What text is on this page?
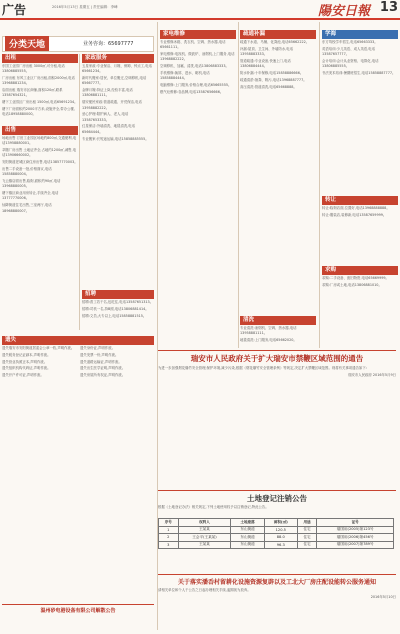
广告	2016年5月13日 星期五 | 责任编辑：李峰	陽安日報 13
分类天地	业务咨询：65697777
出租

东国工业园厂房出租 3000㎡,可分租,电话13806885555。

厂房出租 东风工业区厂房出租,面积2000㎡,电话13968881234。

店面出租 瑞安市区商铺,面积120㎡,联系13587654321。

塘下工业园区厂房出租 1500㎡,电话65691234。

塘下厂房面积约2000平方米,设施齐全,带办公楼,电话18958880000。

出售

场地出售 汀田工业园区场地约800㎡,交通便利,电话13958880001。

莘塍厂房出售 土地证齐全,占地约1200㎡,诚售,电话13906660002。

安阳街道老城区商住房出售,电话13857770003。

出售二手设备一批,价格面议,电话15858880004。

飞云镇店面出售,临街,面积约90㎡,电话13968880005。

塘下镇区商业用房转让,手续齐全,电话13777770006。

仙降街道住宅出售,三室两厅,电话18968880007。

家政服务

五星家政:专业保洁、月嫂、保姆、钟点工,电话65661234。

新时代搬家:居民、单位搬迁,空调移机,电话65667777。

金牌月嫂:持证上岗,经验丰富,电话13806881111。

瑞安便民家政:管道疏通、开荒保洁,电话13958882222。

爱心护理:陪护病人、老人,电话13587653333。

红星保洁:外墙清洗、地毯清洗,电话65664444。

专业搬家:长短途运输,电话15858885555。

招聘

招聘:普工若干名,包吃住,电话13587651313。

招聘:司机一名,持B照,电话13806881414。

招聘:文员,大专以上,电话15858881515。

家电维修

专业维修冰箱、洗衣机、空调、热水器,电话65661111。

家电维修:电视机、微波炉、油烟机,上门服务,电话13968882222。

空调移机、加氟、清洗,电话13806883333。

手机维修:换屏、进水、刷机,电话15858884444。

电脑维修:上门服务,价格合理,电话65665555。

燃气灶维修:各品牌,电话13587656666。

疏通补漏

疏通下水道、马桶、化粪池,电话65662222。

补漏:屋顶、卫生间、外墙防水,电话13958883333。

管道疏通:专业设备,快速上门,电话13806884444。

防水补漏:十年保修,电话15858886666。

疏通清淤:抽粪、吸污,电话13968887777。

高压清洗:管道清洗,电话65668888。

清洗

专业清洗:油烟机、空调、热水器,电话13958881111。

地毯清洗:上门服务,电话65662020。

学海

东方驾校学车招生,电话65663333。

英语培训:少儿英语、成人英语,电话13587657777。

会计培训:会计从业资格、电算化,电话13806885555。

书法美术培训:暑期班招生,电话15858887777。

转让

转让:临街店面,位置好,电话13968888888。

转让:服装店,装修新,电话13587659999。

求购

求购:二手设备、废旧物资,电话65669999。

求购:厂房或土地,电话13806881010。

遗失

遗失瑞安市安阳街道居委会公章一枚,声明作废。

遗失税务登记证副本,声明作废。

遗失营业执照正本,声明作废。

遗失组织机构代码证,声明作废。

遗失开户许可证,声明作废。

遗失身份证,声明作废。

遗失发票一份,声明作废。

遗失道路运输证,声明作废。

遗失出生医学证明,声明作废。

遗失房屋所有权证,声明作废。

温州砂电港设备有限公司解散公告
瑞安市人民政府关于扩大瑞安市禁鞭区域范围的通告

为进一步加强烟花爆竹安全管理,保护环境,减少污染,根据《烟花爆竹安全管理条例》等规定,决定扩大禁鞭区域范围。现将有关事项通告如下:

瑞安市人民政府 2016年5月9日

土地登记注销公告
根据《土地登记办法》相关规定,下列土地使用权予以注销登记,特此公告。
序号	权利人	土地座落	面积(㎡)	用途	证号
1	王某某	东山街道	120.5	住宅	瑞国用(2005)第123号
2	王会平(王某某)	东山街道	88.0	住宅	瑞国用(2006)第456号
3	王某某	东山街道	96.3	住宅	瑞国用(2007)第789号
关于落实潘岙村留耕化设施资源复辟以及工北大厂房庄配设能转公服务通知

请相关单位和个人于公告之日起办理相关手续,逾期视为放弃。

2016年5月10日
